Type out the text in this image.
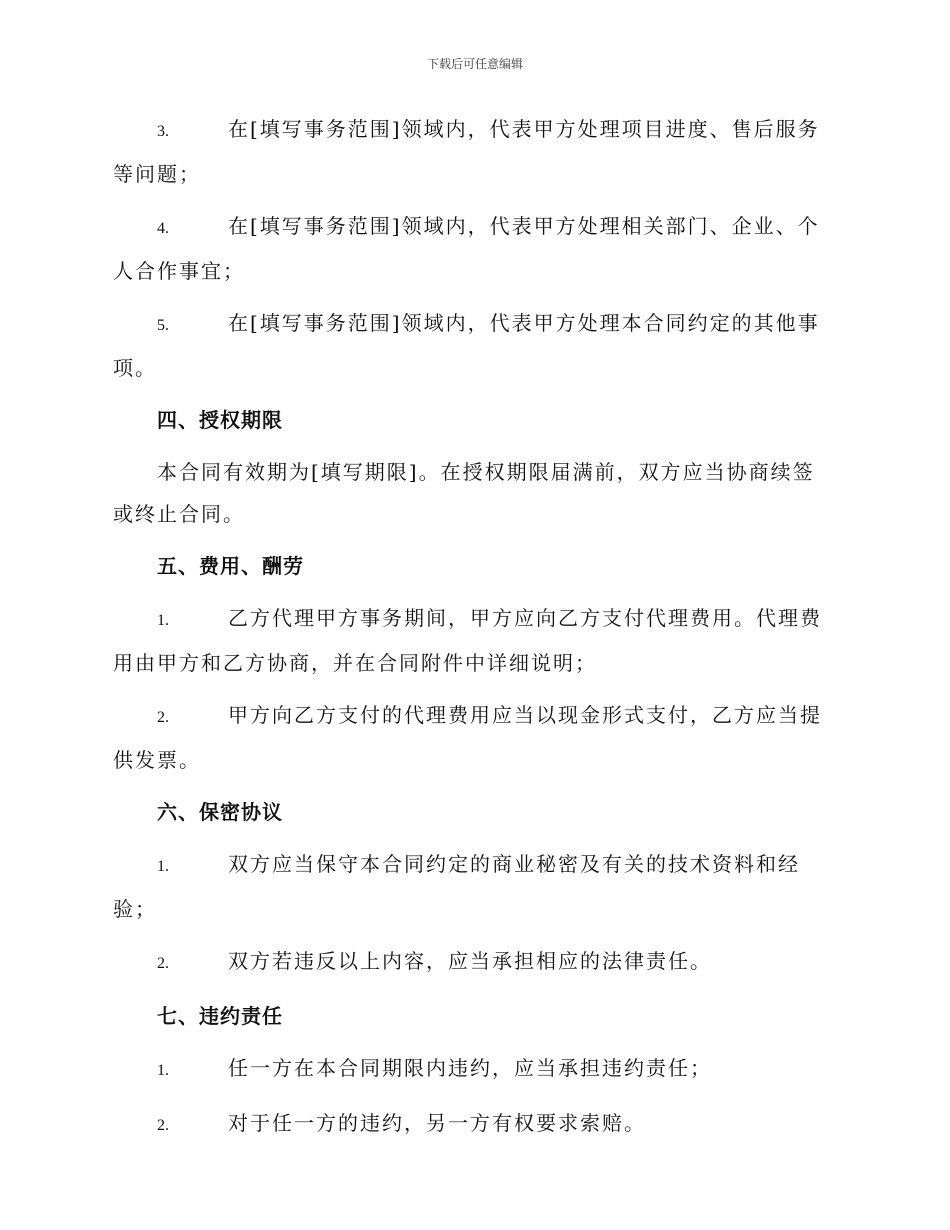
下载后可任意编辑
3.	在[填写事务范围]领域内，代表甲方处理项目进度、售后服务等问题；
4.	在[填写事务范围]领域内，代表甲方处理相关部门、企业、个人合作事宜；
5.	在[填写事务范围]领域内，代表甲方处理本合同约定的其他事项。
四、授权期限
本合同有效期为[填写期限]。在授权期限届满前，双方应当协商续签或终止合同。
五、费用、酬劳
1.	乙方代理甲方事务期间，甲方应向乙方支付代理费用。代理费用由甲方和乙方协商，并在合同附件中详细说明；
2.	甲方向乙方支付的代理费用应当以现金形式支付，乙方应当提供发票。
六、保密协议
1.	双方应当保守本合同约定的商业秘密及有关的技术资料和经验；
2.	双方若违反以上内容，应当承担相应的法律责任。
七、违约责任
1.	任一方在本合同期限内违约，应当承担违约责任；
2.	对于任一方的违约，另一方有权要求索赔。
